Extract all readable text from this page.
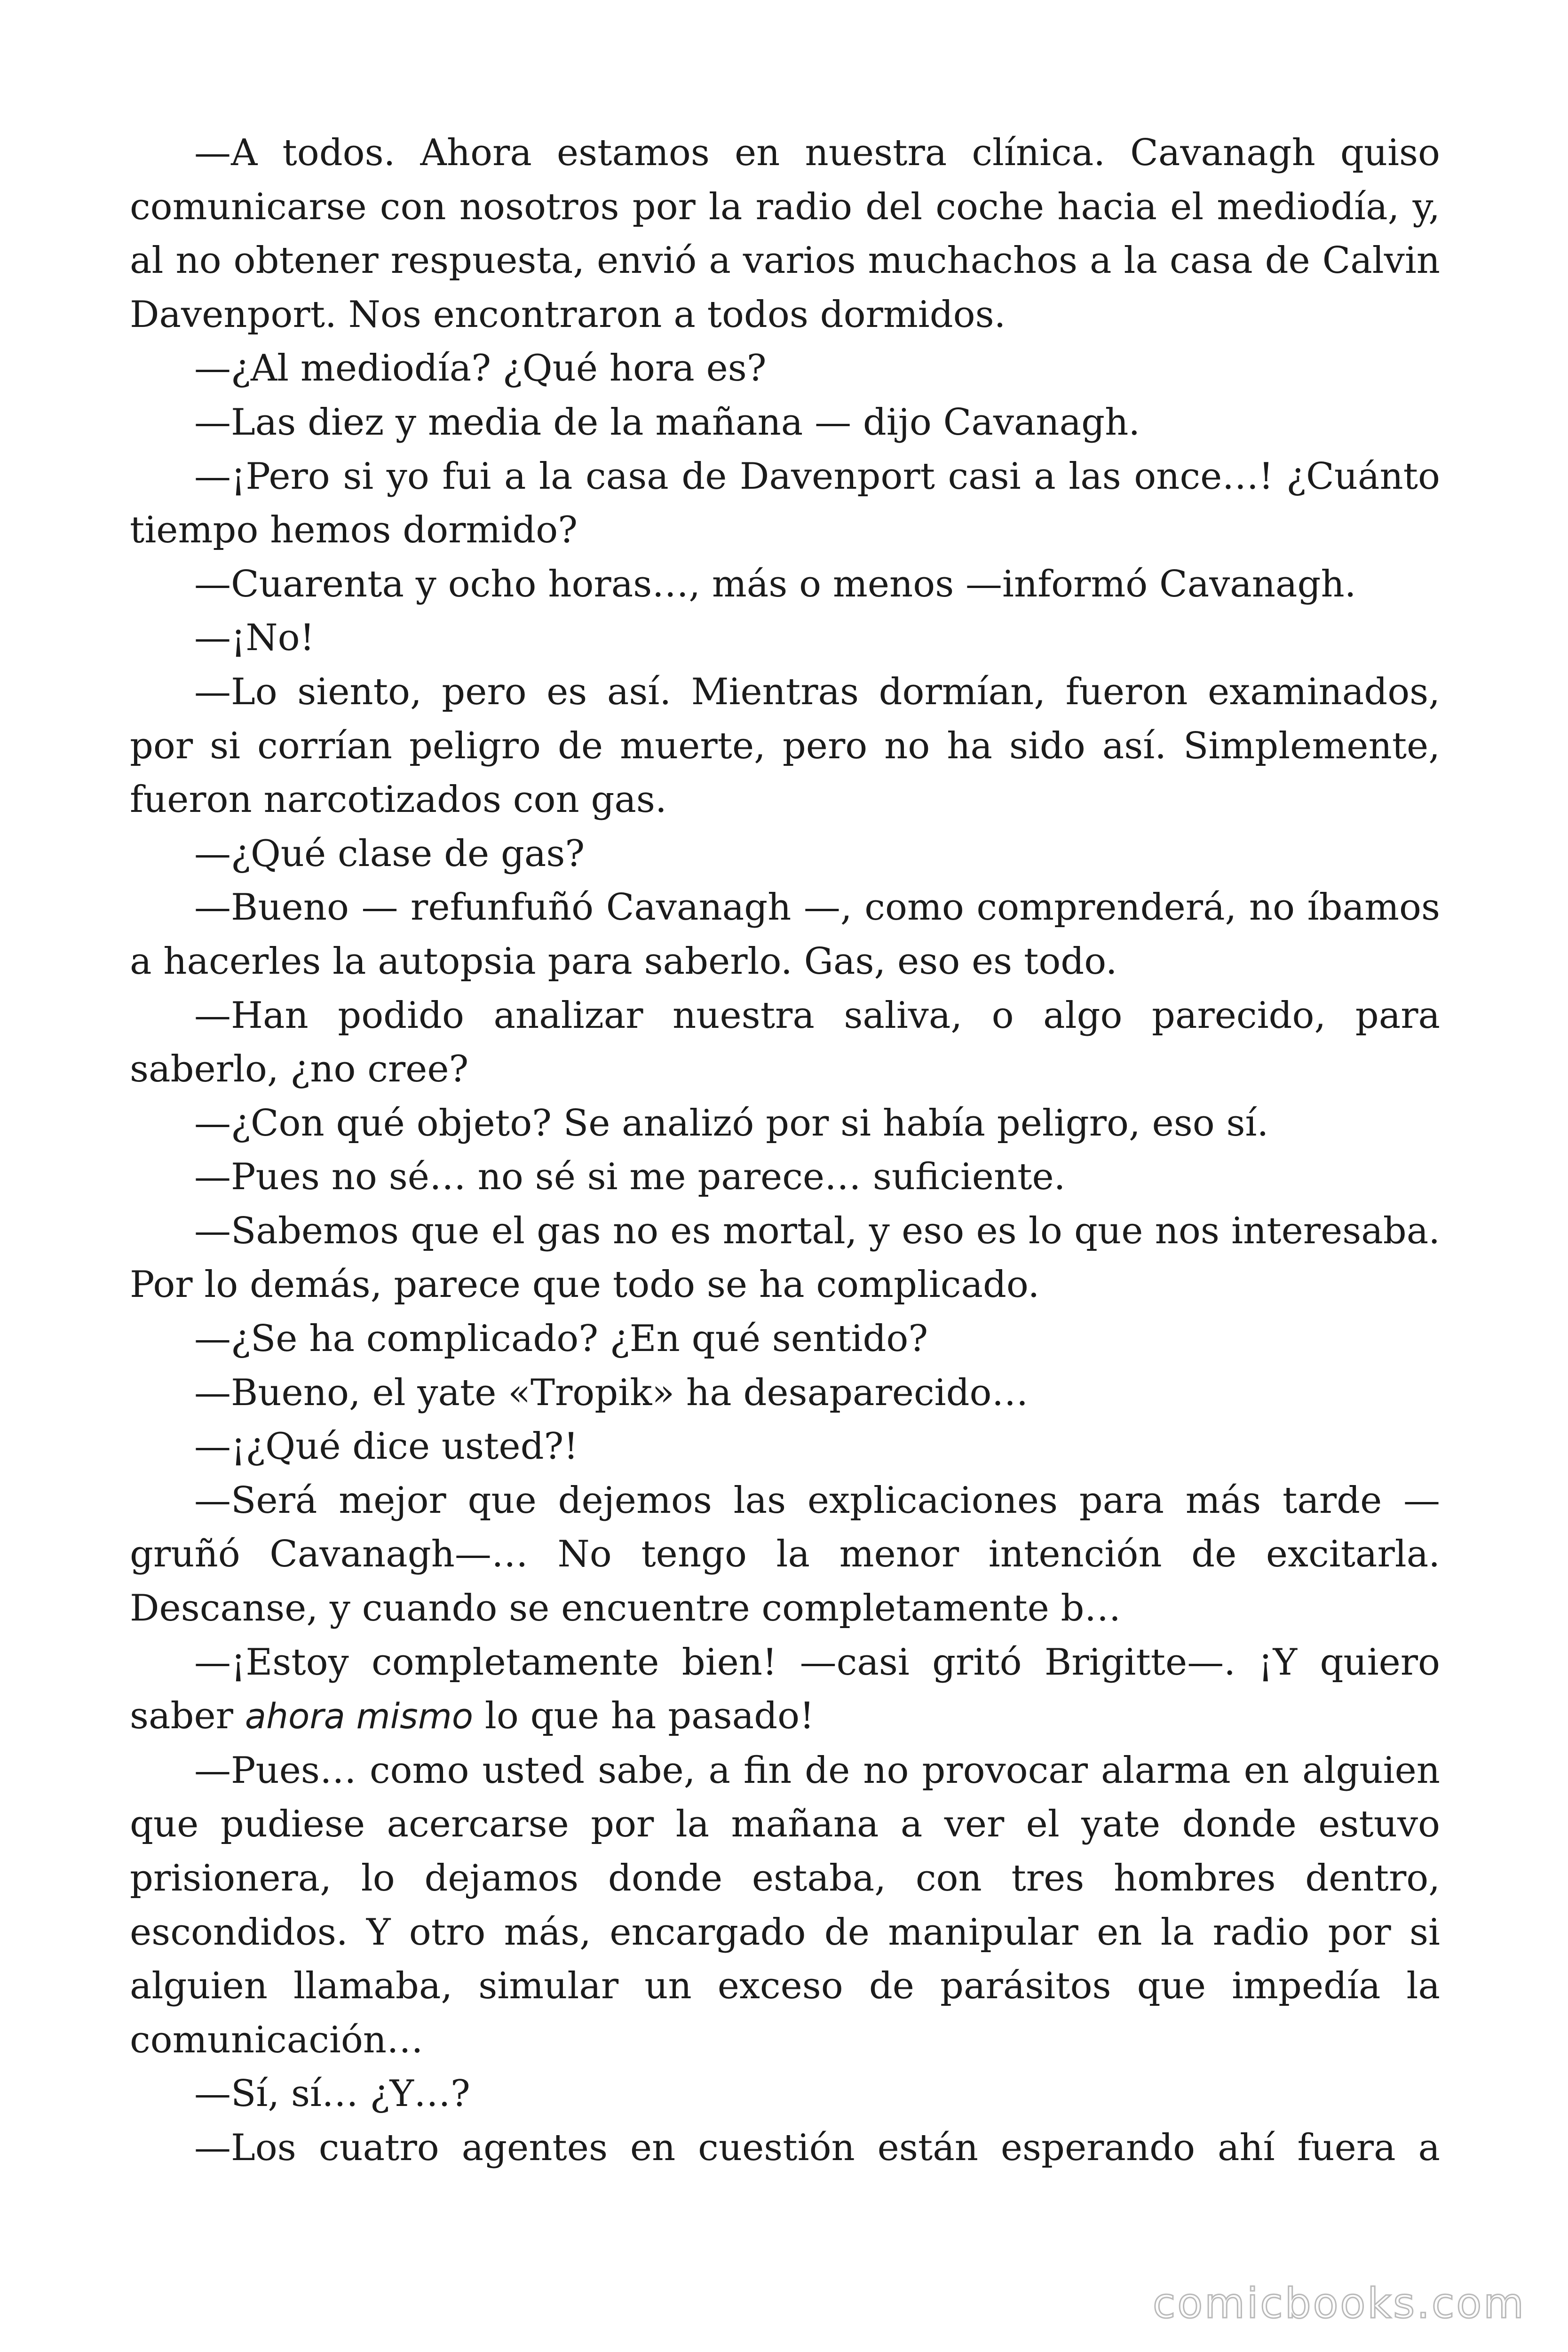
—A todos. Ahora estamos en nuestra clínica. Cavanagh quiso comunicarse con nosotros por la radio del coche hacia el mediodía, y, al no obtener respuesta, envió a varios muchachos a la casa de Calvin Davenport. Nos encontraron a todos dormidos.

—¿Al mediodía? ¿Qué hora es?

—Las diez y media de la mañana — dijo Cavanagh.

—¡Pero si yo fui a la casa de Davenport casi a las once…! ¿Cuánto tiempo hemos dormido?

—Cuarenta y ocho horas…, más o menos —informó Cavanagh.

—¡No!

—Lo siento, pero es así. Mientras dormían, fueron examinados, por si corrían peligro de muerte, pero no ha sido así. Simplemente, fueron narcotizados con gas.

—¿Qué clase de gas?

—Bueno — refunfuñó Cavanagh —, como comprenderá, no íbamos a hacerles la autopsia para saberlo. Gas, eso es todo.

—Han podido analizar nuestra saliva, o algo parecido, para saberlo, ¿no cree?

—¿Con qué objeto? Se analizó por si había peligro, eso sí.

—Pues no sé… no sé si me parece… suficiente.

—Sabemos que el gas no es mortal, y eso es lo que nos interesaba. Por lo demás, parece que todo se ha complicado.

—¿Se ha complicado? ¿En qué sentido?

—Bueno, el yate «Tropik» ha desaparecido…

—¡¿Qué dice usted?!

—Será mejor que dejemos las explicaciones para más tarde — gruñó Cavanagh—… No tengo la menor intención de excitarla. Descanse, y cuando se encuentre completamente b…

—¡Estoy completamente bien! —casi gritó Brigitte—. ¡Y quiero saber ahora mismo lo que ha pasado!

—Pues… como usted sabe, a fin de no provocar alarma en alguien que pudiese acercarse por la mañana a ver el yate donde estuvo prisionera, lo dejamos donde estaba, con tres hombres dentro, escondidos. Y otro más, encargado de manipular en la radio por si alguien llamaba, simular un exceso de parásitos que impedía la comunicación…

—Sí, sí… ¿Y…?

—Los cuatro agentes en cuestión están esperando ahí fuera a

comicbooks.com
